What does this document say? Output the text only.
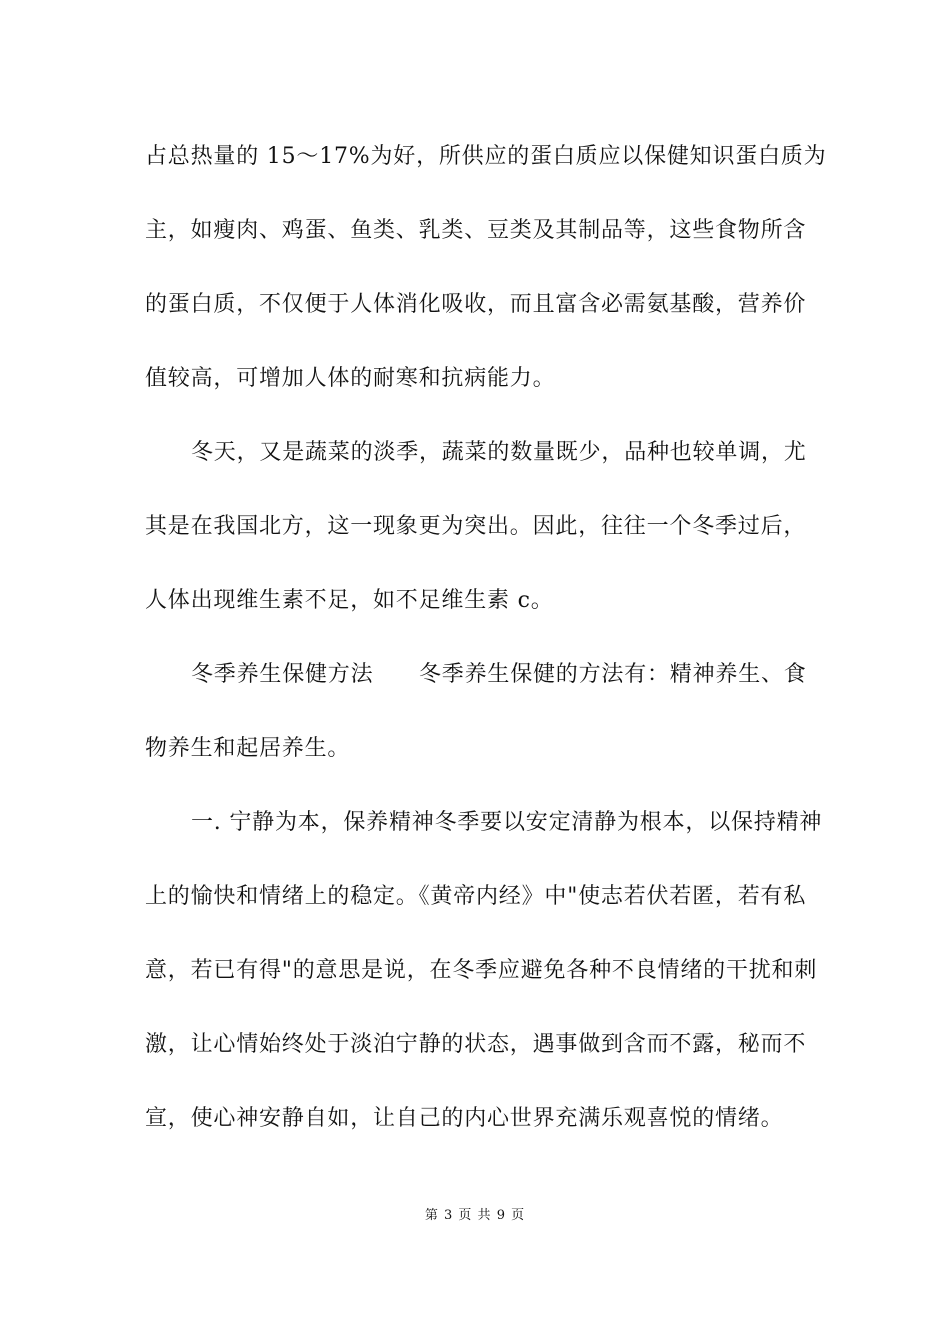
占总热量的 15～17%为好，所供应的蛋白质应以保健知识蛋白质为
主，如瘦肉、鸡蛋、鱼类、乳类、豆类及其制品等，这些食物所含
的蛋白质，不仅便于人体消化吸收，而且富含必需氨基酸，营养价
值较高，可增加人体的耐寒和抗病能力。
冬天，又是蔬菜的淡季，蔬菜的数量既少，品种也较单调，尤
其是在我国北方，这一现象更为突出。因此，往往一个冬季过后，
人体出现维生素不足，如不足维生素 c。
冬季养生保健方法　　冬季养生保健的方法有：精神养生、食
物养生和起居养生。
一. 宁静为本，保养精神冬季要以安定清静为根本，以保持精神
上的愉快和情绪上的稳定。《黄帝内经》中"使志若伏若匿，若有私
意，若已有得"的意思是说，在冬季应避免各种不良情绪的干扰和刺
激，让心情始终处于淡泊宁静的状态，遇事做到含而不露，秘而不
宣，使心神安静自如，让自己的内心世界充满乐观喜悦的情绪。
第 3 页 共 9 页
